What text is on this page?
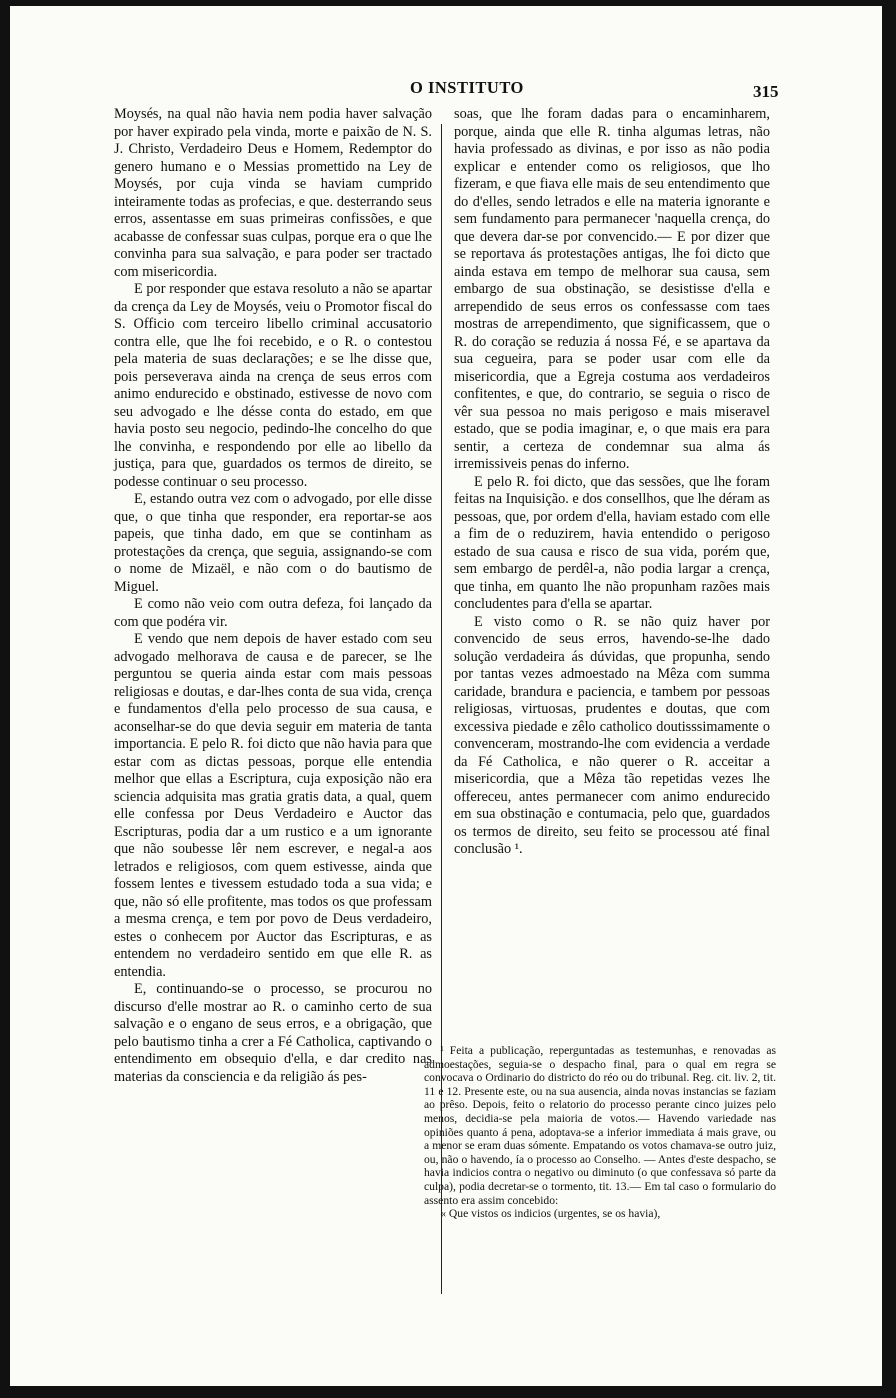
O INSTITUTO	315

Moysés, na qual não havia nem podia haver salvação por haver expirado pela vinda, morte e paixão de N. S. J. Christo, Verdadeiro Deus e Homem, Redemptor do genero humano e o Messias promettido na Ley de Moysés, por cuja vinda se haviam cumprido inteiramente todas as profecias, e que. desterrando seus erros, assentasse em suas primeiras confissões, e que acabasse de confessar suas culpas, porque era o que lhe convinha para sua salvação, e para poder ser tractado com misericordia.

E por responder que estava resoluto a não se apartar da crença da Ley de Moysés, veiu o Promotor fiscal do S. Officio com terceiro libello criminal accusatorio contra elle, que lhe foi recebido, e o R. o contestou pela materia de suas declarações; e se lhe disse que, pois perseverava ainda na crença de seus erros com animo endurecido e obstinado, estivesse de novo com seu advogado e lhe désse conta do estado, em que havia posto seu negocio, pedindo-lhe concelho do que lhe convinha, e respondendo por elle ao libello da justiça, para que, guardados os termos de direito, se podesse continuar o seu processo.

E, estando outra vez com o advogado, por elle disse que, o que tinha que responder, era reportar-se aos papeis, que tinha dado, em que se continham as protestações da crença, que seguia, assignando-se com o nome de Mizaël, e não com o do bautismo de Miguel.

E como não veio com outra defeza, foi lançado da com que podéra vir.

E vendo que nem depois de haver estado com seu advogado melhorava de causa e de parecer, se lhe perguntou se queria ainda estar com mais pessoas religiosas e doutas, e dar-lhes conta de sua vida, crença e fundamentos d'ella pelo processo de sua causa, e aconselhar-se do que devia seguir em materia de tanta importancia. E pelo R. foi dicto que não havia para que estar com as dictas pessoas, porque elle entendia melhor que ellas a Escriptura, cuja exposição não era sciencia adquisita mas gratia gratis data, a qual, quem elle confessa por Deus Verdadeiro e Auctor das Escripturas, podia dar a um rustico e a um ignorante que não soubesse lêr nem escrever, e negal-a aos letrados e religiosos, com quem estivesse, ainda que fossem lentes e tivessem estudado toda a sua vida; e que, não só elle profitente, mas todos os que professam a mesma crença, e tem por povo de Deus verdadeiro, estes o conhecem por Auctor das Escripturas, e as entendem no verdadeiro sentido em que elle R. as entendia.

E, continuando-se o processo, se procurou no discurso d'elle mostrar ao R. o caminho certo de sua salvação e o engano de seus erros, e a obrigação, que pelo bautismo tinha a crer a Fé Catholica, captivando o entendimento em obsequio d'ella, e dar credito nas materias da consciencia e da religião ás pes-

soas, que lhe foram dadas para o encaminharem, porque, ainda que elle R. tinha algumas letras, não havia professado as divinas, e por isso as não podia explicar e entender como os religiosos, que lho fizeram, e que fiava elle mais de seu entendimento que do d'elles, sendo letrados e elle na materia ignorante e sem fundamento para permanecer 'naquella crença, do que devera dar-se por convencido.— E por dizer que se reportava ás protestações antigas, lhe foi dicto que ainda estava em tempo de melhorar sua causa, sem embargo de sua obstinação, se desistisse d'ella e arrependido de seus erros os confessasse com taes mostras de arrependimento, que significassem, que o R. do coração se reduzia á nossa Fé, e se apartava da sua cegueira, para se poder usar com elle da misericordia, que a Egreja costuma aos verdadeiros confitentes, e que, do contrario, se seguia o risco de vêr sua pessoa no mais perigoso e mais miseravel estado, que se podia imaginar, e, o que mais era para sentir, a certeza de condemnar sua alma ás irremissiveis penas do inferno.

E pelo R. foi dicto, que das sessões, que lhe foram feitas na Inquisição. e dos consellhos, que lhe déram as pessoas, que, por ordem d'ella, haviam estado com elle a fim de o reduzirem, havia entendido o perigoso estado de sua causa e risco de sua vida, porém que, sem embargo de perdêl-a, não podia largar a crença, que tinha, em quanto lhe não propunham razões mais concludentes para d'ella se apartar.

E visto como o R. se não quiz haver por convencido de seus erros, havendo-se-lhe dado solução verdadeira ás dúvidas, que propunha, sendo por tantas vezes admoestado na Mêza com summa caridade, brandura e paciencia, e tambem por pessoas religiosas, virtuosas, prudentes e doutas, que com excessiva piedade e zêlo catholico doutisssimamente o convenceram, mostrando-lhe com evidencia a verdade da Fé Catholica, e não querer o R. acceitar a misericordia, que a Mêza tão repetidas vezes lhe offereceu, antes permanecer com animo endurecido em sua obstinação e contumacia, pelo que, guardados os termos de direito, seu feito se processou até final conclusão ¹.

¹ Feita a publicação, reperguntadas as testemunhas, e renovadas as admoestações, seguia-se o despacho final, para o qual em regra se convocava o Ordinario do districto do réo ou do tribunal. Reg. cit. liv. 2, tit. 11 e 12. Presente este, ou na sua ausencia, ainda novas instancias se faziam ao prêso. Depois, feito o relatorio do processo perante cinco juizes pelo menos, decidia-se pela maioria de votos.— Havendo variedade nas opiniões quanto á pena, adoptava-se a inferior immediata á mais grave, ou a menor se eram duas sómente. Empatando os votos chamava-se outro juiz, ou, não o havendo, ía o processo ao Conselho. — Antes d'este despacho, se havia indicios contra o negativo ou diminuto (o que confessava só parte da culpa), podia decretar-se o tormento, tit. 13.— Em tal caso o formulario do assento era assim concebido:

« Que vistos os indicios (urgentes, se os havia),
